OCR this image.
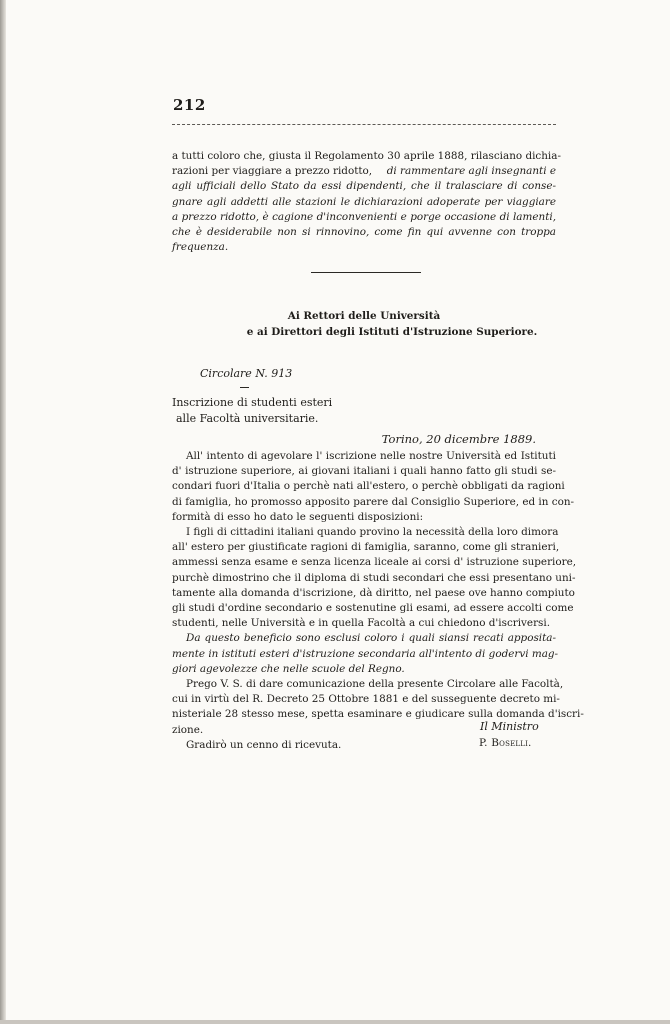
212
a tutti coloro che, giusta il Regolamento 30 aprile 1888, rilasciano dichia-
razioni per viaggiare a prezzo ridotto, di rammentare agli insegnanti e
agli ufficiali dello Stato da essi dipendenti, che il tralasciare di conse-
gnare agli addetti alle stazioni le dichiarazioni adoperate per viaggiare
a prezzo ridotto, è cagione d'inconvenienti e porge occasione di lamenti,
che è desiderabile non si rinnovino, come fin qui avvenne con troppa
frequenza.
Ai Rettori delle Università
e ai Direttori degli Istituti d'Istruzione Superiore.
Circolare N. 913
Inscrizione di studenti esteri
alle Facoltà universitarie.
Torino, 20 dicembre 1889.
All' intento di agevolare l' iscrizione nelle nostre Università ed Istituti
d' istruzione superiore, ai giovani italiani i quali hanno fatto gli studi se-
condari fuori d'Italia o perchè nati all'estero, o perchè obbligati da ragioni
di famiglia, ho promosso apposito parere dal Consiglio Superiore, ed in con-
formità di esso ho dato le seguenti disposizioni:
I figli di cittadini italiani quando provino la necessità della loro dimora
all' estero per giustificate ragioni di famiglia, saranno, come gli stranieri,
ammessi senza esame e senza licenza liceale ai corsi d' istruzione superiore,
purchè dimostrino che il diploma di studi secondari che essi presentano uni-
tamente alla domanda d'iscrizione, dà diritto, nel paese ove hanno compiuto
gli studi d'ordine secondario e sostenutine gli esami, ad essere accolti come
studenti, nelle Università e in quella Facoltà a cui chiedono d'iscriversi.
Da questo beneficio sono esclusi coloro i quali siansi recati apposita-
mente in istituti esteri d'istruzione secondaria all'intento di godervi mag-
giori agevolezze che nelle scuole del Regno.
Prego V. S. di dare comunicazione della presente Circolare alle Facoltà,
cui in virtù del R. Decreto 25 Ottobre 1881 e del susseguente decreto mi-
nisteriale 28 stesso mese, spetta esaminare e giudicare sulla domanda d'iscri-
zione.
Gradirò un cenno di ricevuta.
Il Ministro
P. Boselli.
